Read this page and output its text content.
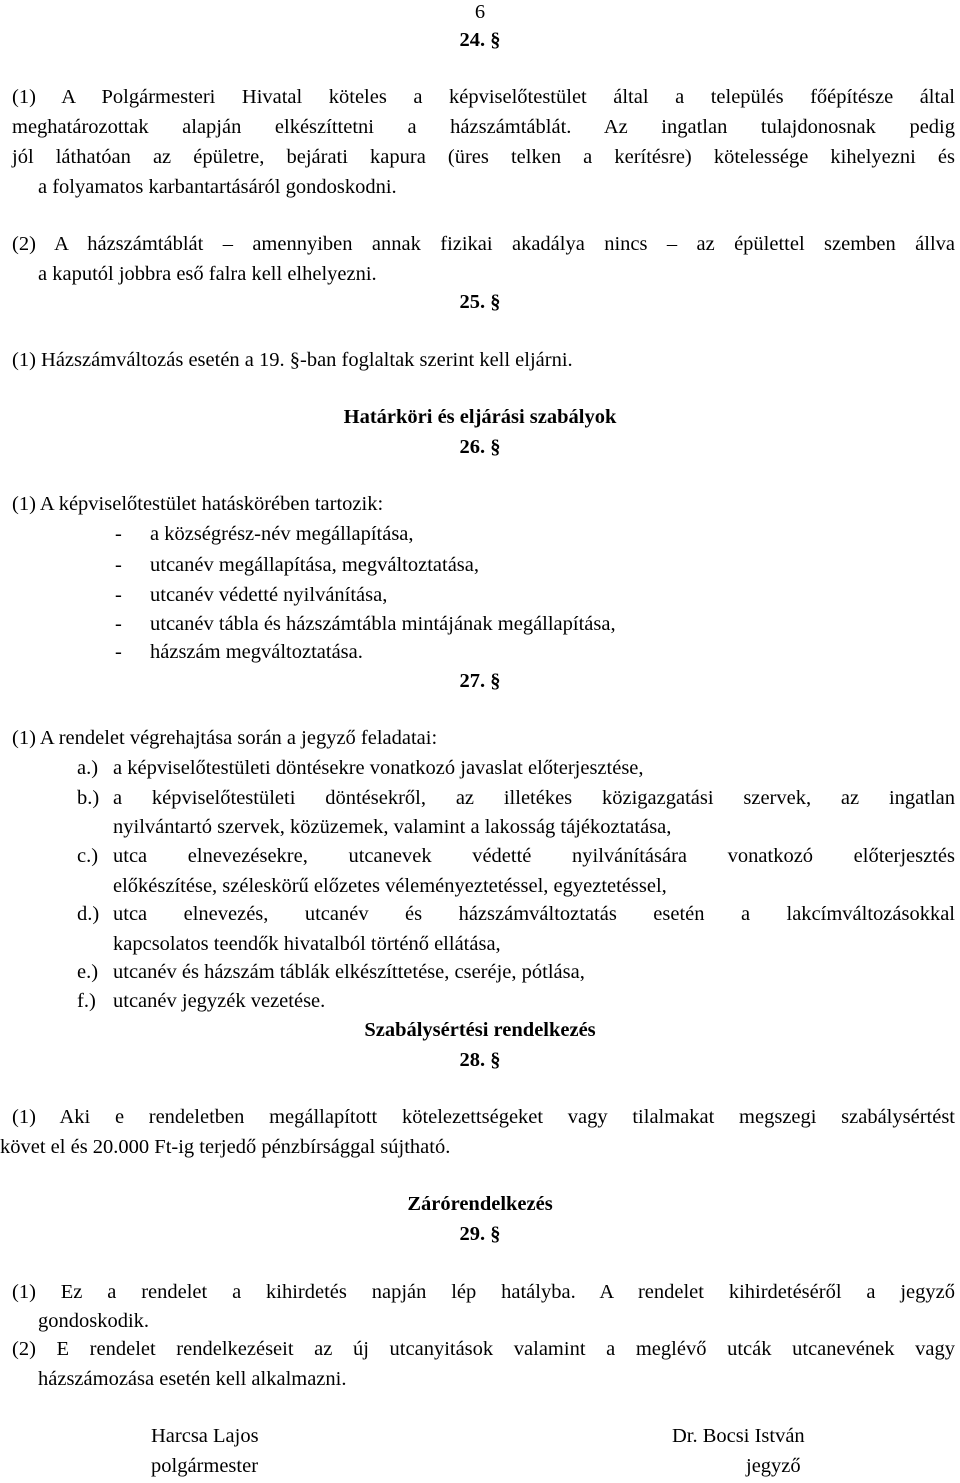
6
24. §
(1) A Polgármesteri Hivatal köteles a képviselőtestület által a település főépítésze által
meghatározottak alapján elkészíttetni a házszámtáblát. Az ingatlan tulajdonosnak pedig
jól láthatóan az épületre, bejárati kapura (üres telken a kerítésre) kötelessége kihelyezni és
a folyamatos karbantartásáról gondoskodni.
(2) A házszámtáblát – amennyiben annak fizikai akadálya nincs – az épülettel szemben állva
a kaputól jobbra eső falra kell elhelyezni.
25. §
(1) Házszámváltozás esetén a 19. §-ban foglaltak szerint kell eljárni.
Határköri és eljárási szabályok
26. §
(1) A képviselőtestület hatáskörében tartozik:
- a községrész-név megállapítása,
- utcanév megállapítása, megváltoztatása,
- utcanév védetté nyilvánítása,
- utcanév tábla és házszámtábla mintájának megállapítása,
- házszám megváltoztatása.
27. §
(1) A rendelet végrehajtása során a jegyző feladatai:
a.) a képviselőtestületi döntésekre vonatkozó javaslat előterjesztése,
b.) a képviselőtestületi döntésekről, az illetékes közigazgatási szervek, az ingatlan
nyilvántartó szervek, közüzemek, valamint a lakosság tájékoztatása,
c.) utca elnevezésekre, utcanevek védetté nyilvánítására vonatkozó előterjesztés
előkészítése, széleskörű előzetes véleményeztetéssel, egyeztetéssel,
d.) utca elnevezés, utcanév és házszámváltoztatás esetén a lakcímváltozásokkal
kapcsolatos teendők hivatalból történő ellátása,
e.) utcanév és házszám táblák elkészíttetése, cseréje, pótlása,
f.) utcanév jegyzék vezetése.
Szabálysértési rendelkezés
28. §
(1) Aki e rendeletben megállapított kötelezettségeket vagy tilalmakat megszegi szabálysértést
követ el és 20.000 Ft-ig terjedő pénzbírsággal sújtható.
Zárórendelkezés
29. §
(1) Ez a rendelet a kihirdetés napján lép hatályba. A rendelet kihirdetéséről a jegyző
gondoskodik.
(2) E rendelet rendelkezéseit az új utcanyitások valamint a meglévő utcák utcanevének vagy
házszámozása esetén kell alkalmazni.
Harcsa Lajos
polgármester
Dr. Bocsi István
jegyző
